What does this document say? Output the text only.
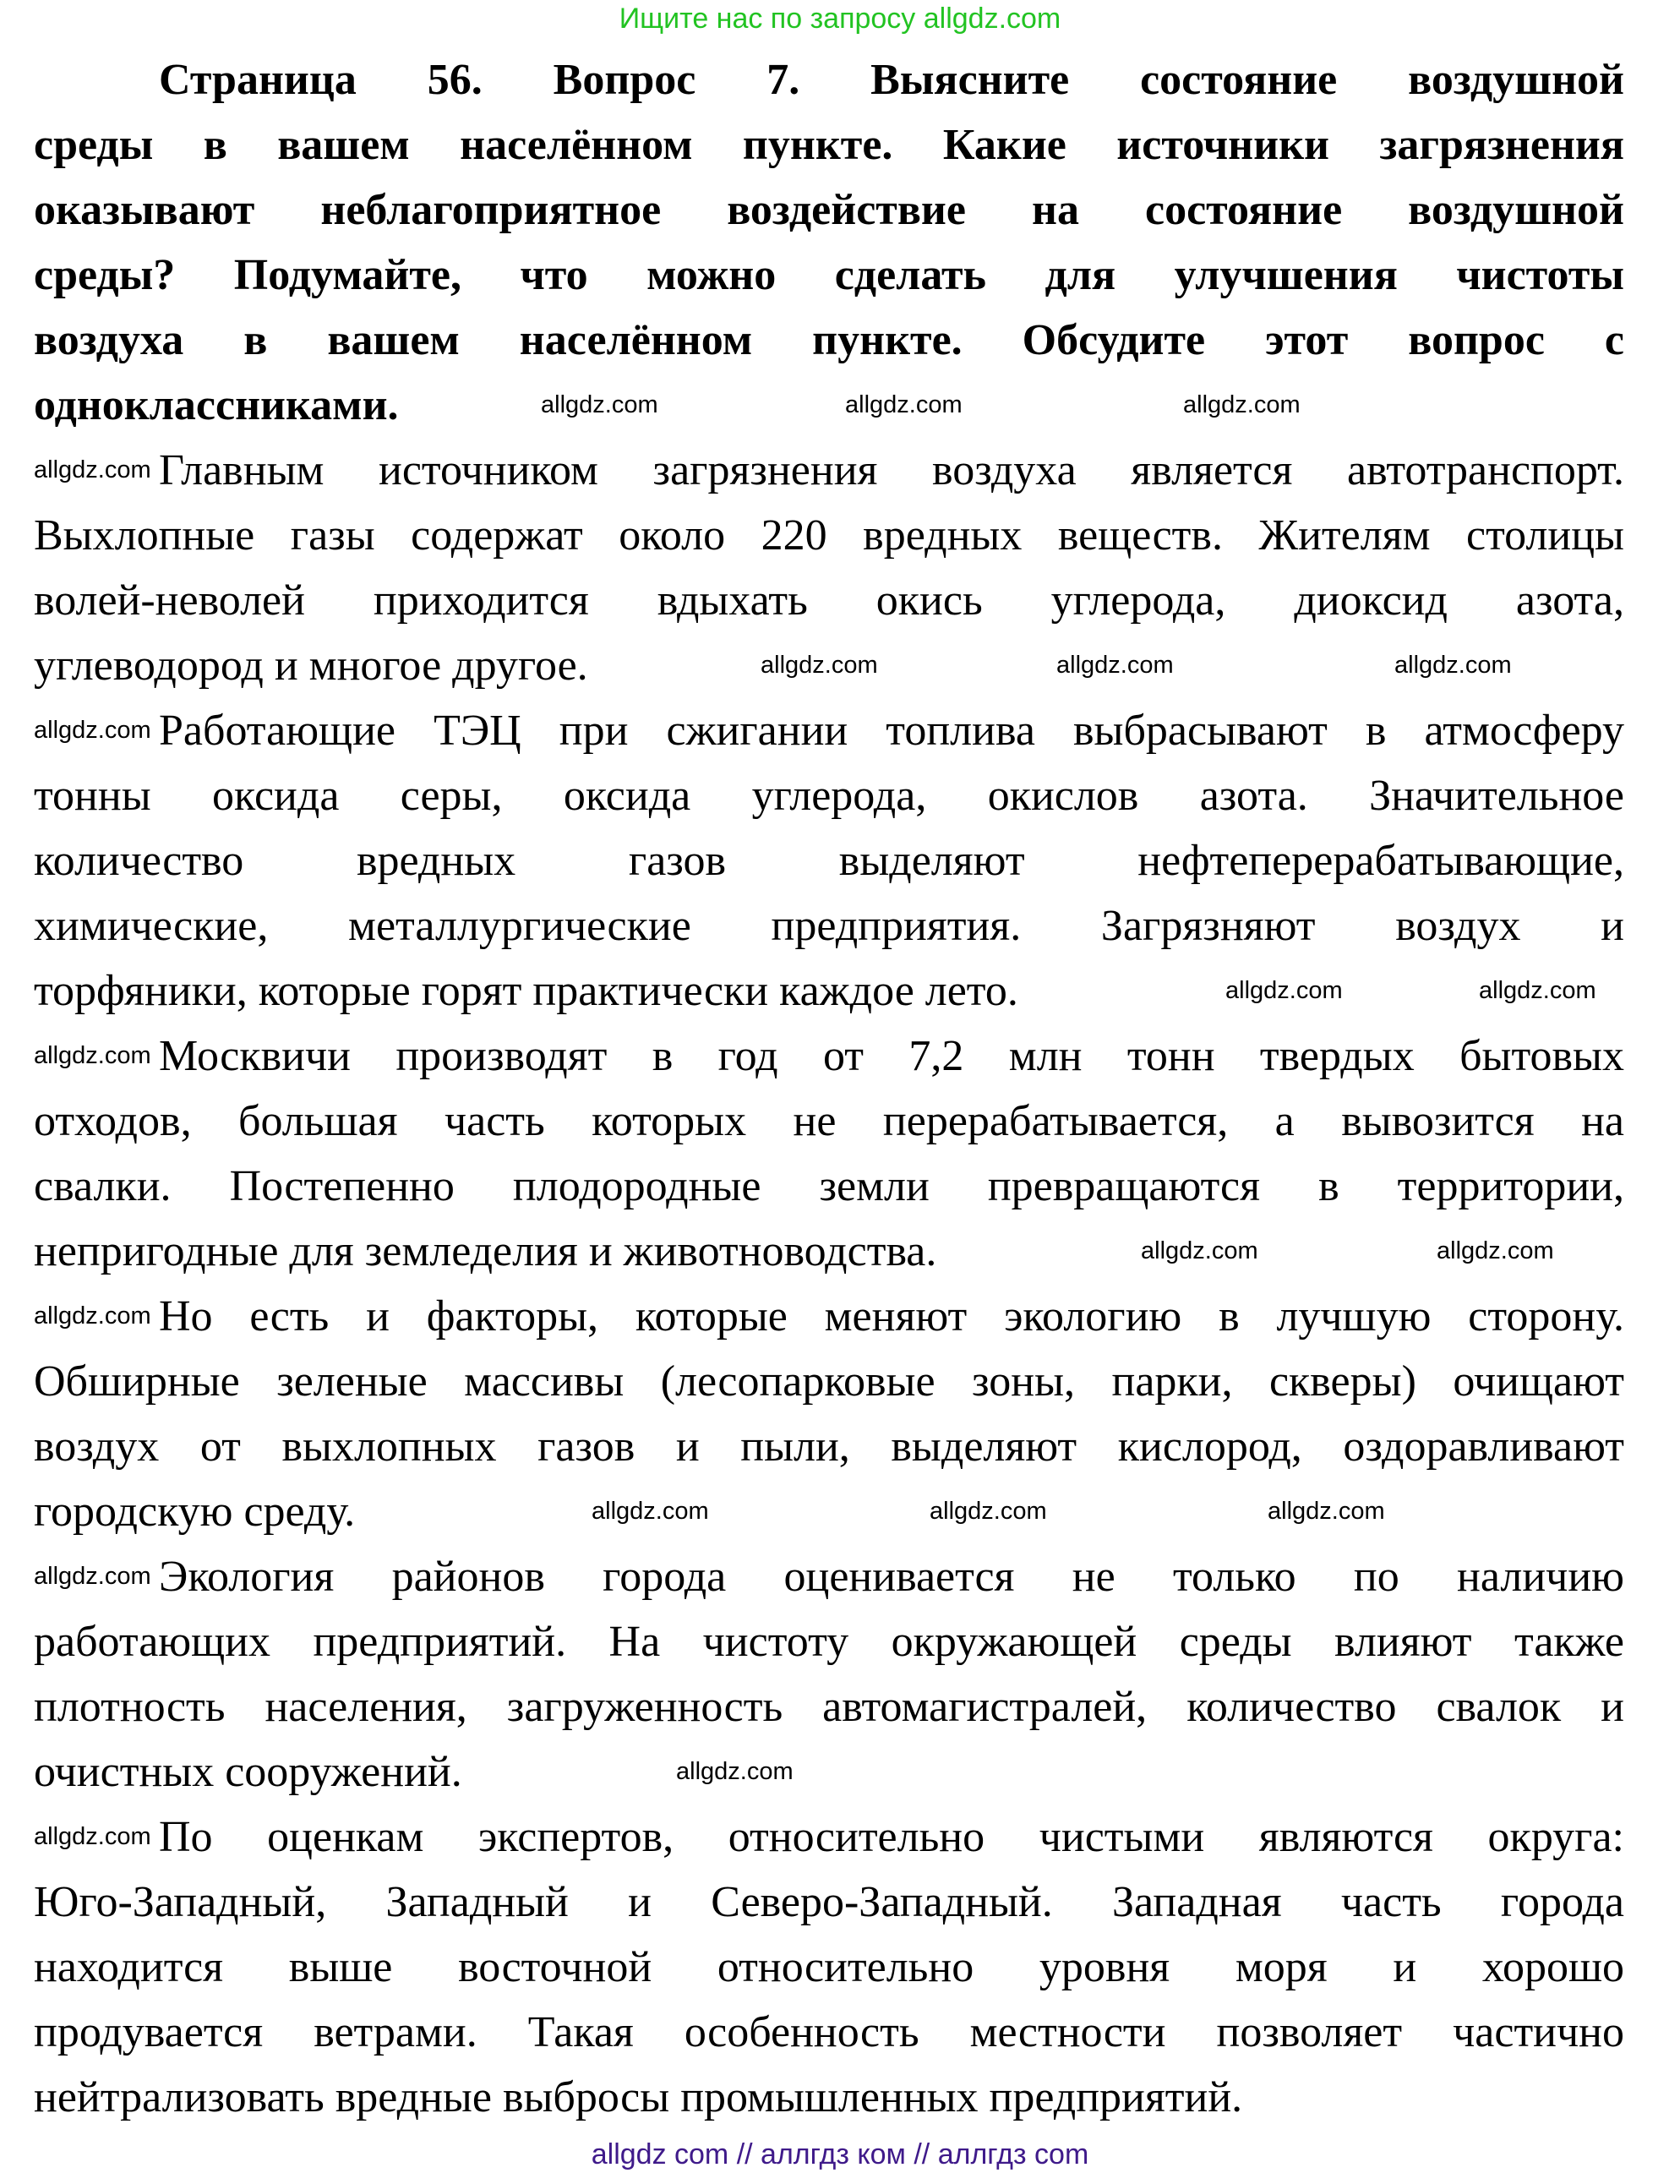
Ищите нас по запросу allgdz.com
Страница 56. Вопрос 7. Выясните состояние воздушной
среды в вашем населённом пункте. Какие источники загрязнения
оказывают неблагоприятное воздействие на состояние воздушной
среды? Подумайте, что можно сделать для улучшения чистоты
воздуха в вашем населённом пункте. Обсудите этот вопрос с
одноклассниками.
Главным источником загрязнения воздуха является автотранспорт.
Выхлопные газы содержат около 220 вредных веществ. Жителям столицы
волей-неволей приходится вдыхать окись углерода, диоксид азота,
углеводород и многое другое.
Работающие ТЭЦ при сжигании топлива выбрасывают в атмосферу
тонны оксида серы, оксида углерода, окислов азота. Значительное
количество вредных газов выделяют нефтеперерабатывающие,
химические, металлургические предприятия. Загрязняют воздух и
торфяники, которые горят практически каждое лето.
Москвичи производят в год от 7,2 млн тонн твердых бытовых
отходов, большая часть которых не перерабатывается, а вывозится на
свалки. Постепенно плодородные земли превращаются в территории,
непригодные для земледелия и животноводства.
Но есть и факторы, которые меняют экологию в лучшую сторону.
Обширные зеленые массивы (лесопарковые зоны, парки, скверы) очищают
воздух от выхлопных газов и пыли, выделяют кислород, оздоравливают
городскую среду.
Экология районов города оценивается не только по наличию
работающих предприятий. На чистоту окружающей среды влияют также
плотность населения, загруженность автомагистралей, количество свалок и
очистных сооружений.
По оценкам экспертов, относительно чистыми являются округа:
Юго-Западный, Западный и Северо-Западный. Западная часть города
находится выше восточной относительно уровня моря и хорошо
продувается ветрами. Такая особенность местности позволяет частично
нейтрализовать вредные выбросы промышленных предприятий.
allgdz.com	allgdz.com	allgdz.com
allgdz.com
allgdz.com	allgdz.com	allgdz.com
allgdz.com
allgdz.com	allgdz.com
allgdz.com
allgdz.com	allgdz.com
allgdz.com
allgdz.com	allgdz.com	allgdz.com
allgdz.com
allgdz.com
allgdz.com
allgdz com // аллгдз ком // аллгдз com
